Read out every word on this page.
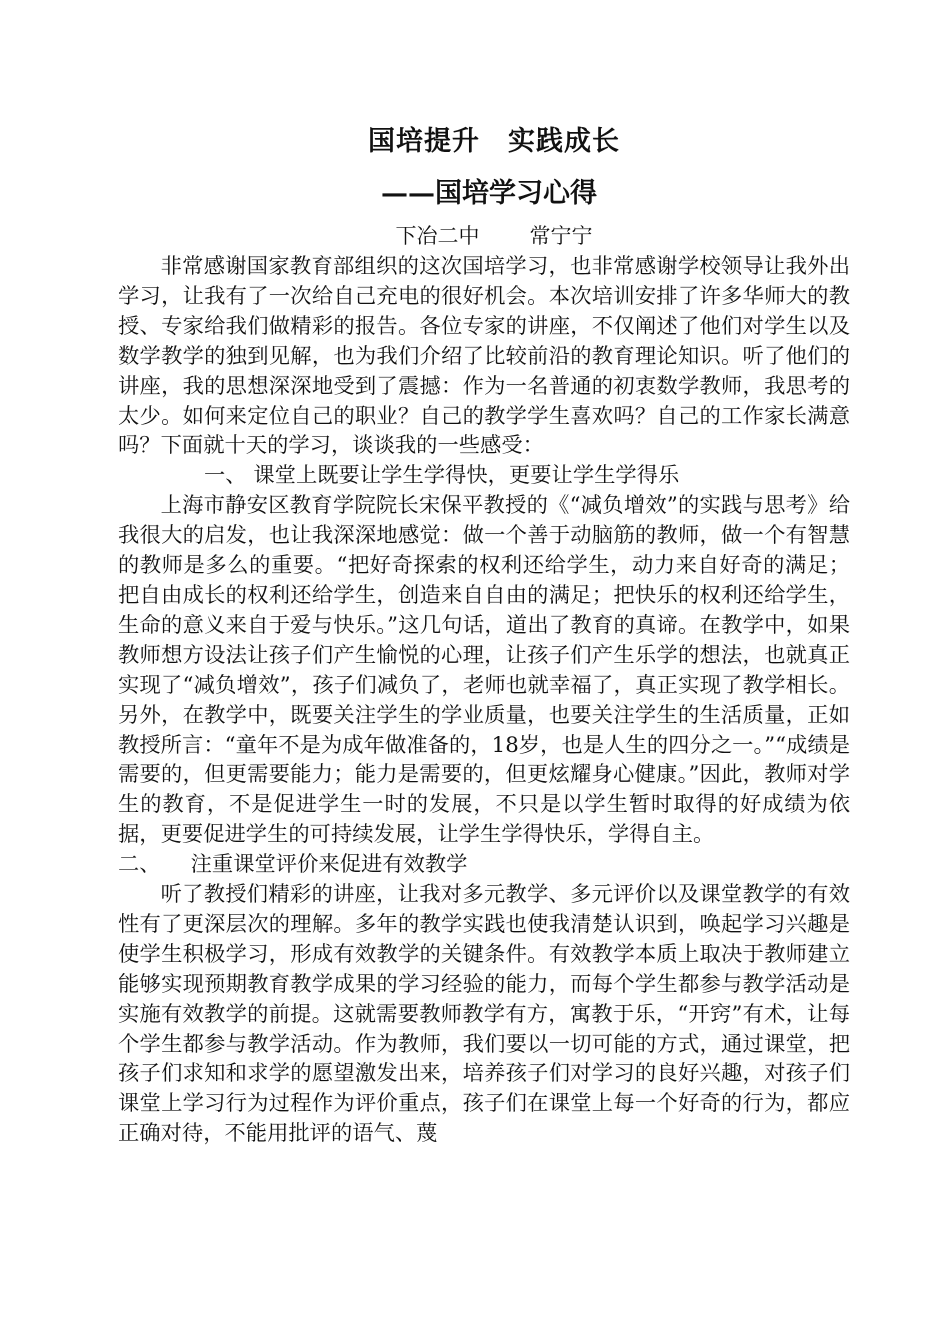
国培提升　实践成长
——国培学习心得
下冶二中 常宁宁

非常感谢国家教育部组织的这次国培学习，也非常感谢学校领导让我外出学习，让我有了一次给自己充电的很好机会。本次培训安排了许多华师大的教授、专家给我们做精彩的报告。各位专家的讲座，不仅阐述了他们对学生以及数学教学的独到见解，也为我们介绍了比较前沿的教育理论知识。听了他们的讲座，我的思想深深地受到了震撼：作为一名普通的初衷数学教师，我思考的太少。如何来定位自己的职业？自己的教学学生喜欢吗？自己的工作家长满意吗？下面就十天的学习，谈谈我的一些感受：

一、 课堂上既要让学生学得快，更要让学生学得乐

上海市静安区教育学院院长宋保平教授的《“减负增效”的实践与思考》给我很大的启发，也让我深深地感觉：做一个善于动脑筋的教师，做一个有智慧的教师是多么的重要。“把好奇探索的权利还给学生，动力来自好奇的满足；把自由成长的权利还给学生，创造来自自由的满足；把快乐的权利还给学生，生命的意义来自于爱与快乐。”这几句话，道出了教育的真谛。在教学中，如果教师想方设法让孩子们产生愉悦的心理，让孩子们产生乐学的想法，也就真正实现了“减负增效”，孩子们减负了，老师也就幸福了，真正实现了教学相长。另外，在教学中，既要关注学生的学业质量，也要关注学生的生活质量，正如教授所言：“童年不是为成年做准备的，18岁，也是人生的四分之一。”“成绩是需要的，但更需要能力；能力是需要的，但更炫耀身心健康。”因此，教师对学生的教育，不是促进学生一时的发展，不只是以学生暂时取得的好成绩为依据，更要促进学生的可持续发展，让学生学得快乐，学得自主。

二、 注重课堂评价来促进有效教学

听了教授们精彩的讲座，让我对多元教学、多元评价以及课堂教学的有效性有了更深层次的理解。多年的教学实践也使我清楚认识到，唤起学习兴趣是使学生积极学习，形成有效教学的关键条件。有效教学本质上取决于教师建立能够实现预期教育教学成果的学习经验的能力，而每个学生都参与教学活动是实施有效教学的前提。这就需要教师教学有方，寓教于乐，“开窍”有术，让每个学生都参与教学活动。作为教师，我们要以一切可能的方式，通过课堂，把孩子们求知和求学的愿望激发出来，培养孩子们对学习的良好兴趣，对孩子们课堂上学习行为过程作为评价重点，孩子们在课堂上每一个好奇的行为，都应正确对待，不能用批评的语气、蔑
